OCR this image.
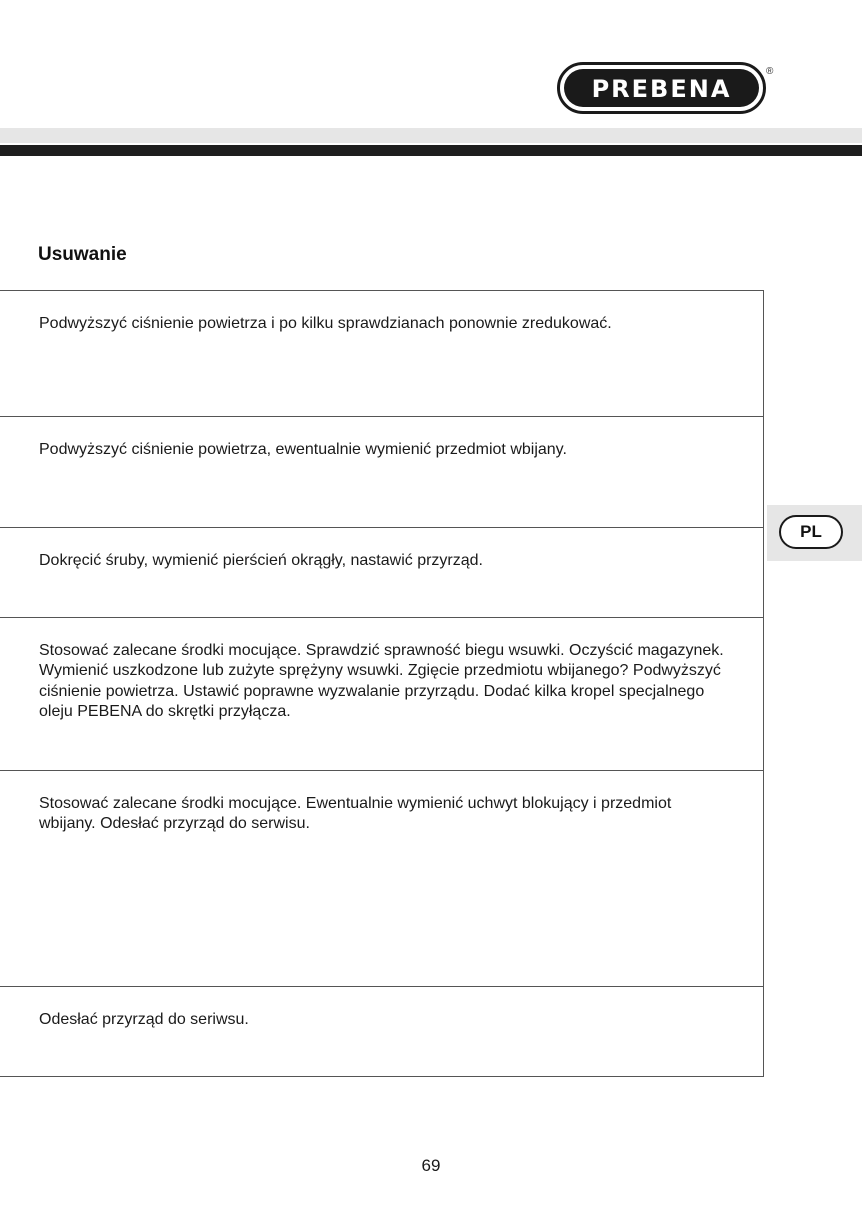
PREBENA
®
Usuwanie
Podwyższyć ciśnienie powietrza i po kilku sprawdzianach ponownie zredukować.
Podwyższyć ciśnienie powietrza, ewentualnie wymienić przedmiot wbijany.
Dokręcić śruby, wymienić pierścień okrągły, nastawić przyrząd.
Stosować zalecane środki mocujące. Sprawdzić sprawność biegu wsuwki. Oczyścić magazynek. Wymienić uszkodzone lub zużyte sprężyny wsuwki. Zgięcie przedmiotu wbijanego? Podwyższyć ciśnienie powietrza. Ustawić poprawne wyzwalanie przyrządu. Dodać kilka kropel specjalnego oleju PEBENA do skrętki przyłącza.
Stosować zalecane środki mocujące. Ewentualnie wymienić uchwyt blokujący i przedmiot wbijany. Odesłać przyrząd do serwisu.
Odesłać przyrząd do seriwsu.
PL
69
